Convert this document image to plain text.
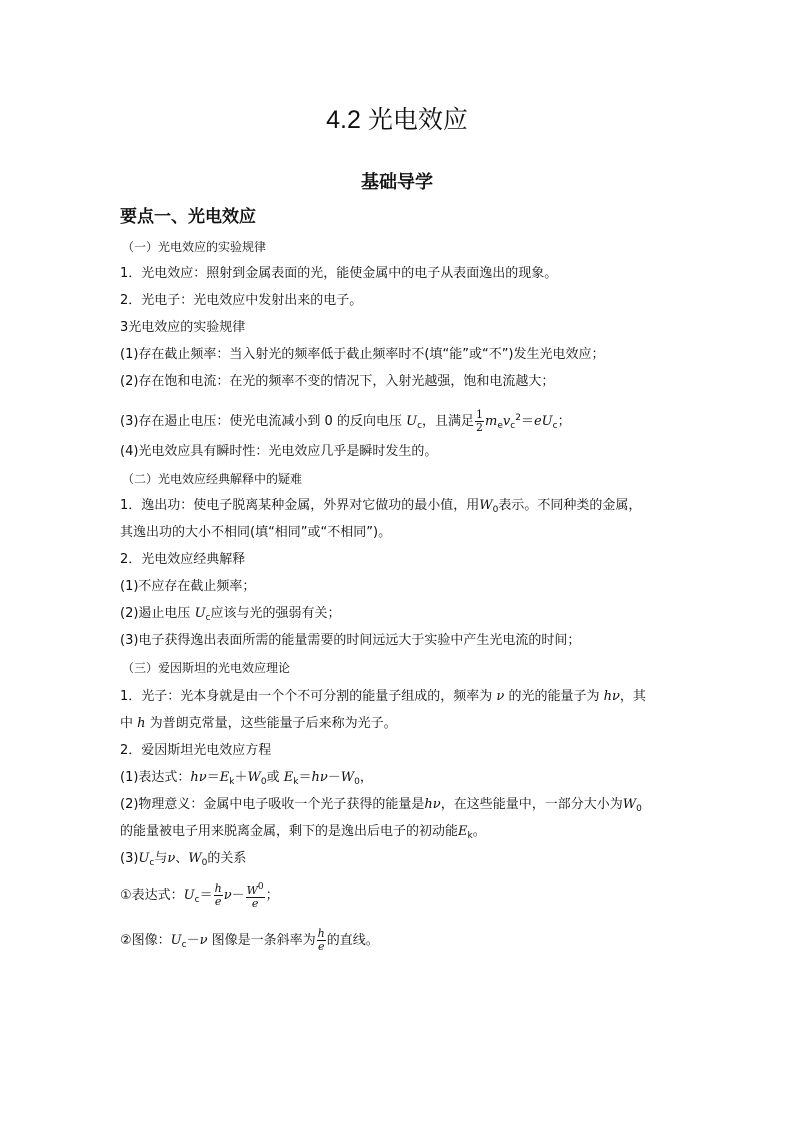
4.2 光电效应
基础导学
要点一、光电效应
（一）光电效应的实验规律
1．光电效应：照射到金属表面的光，能使金属中的电子从表面逸出的现象。
2．光电子：光电效应中发射出来的电子。
3光电效应的实验规律
(1)存在截止频率：当入射光的频率低于截止频率时不(填“能”或“不”)发生光电效应；
(2)存在饱和电流：在光的频率不变的情况下，入射光越强，饱和电流越大；
(3)存在遏止电压：使光电流减小到 0 的反向电压 $U_c$，且满足 $\frac{1}{2} m_ev_c^2=eU_c$；
(4)光电效应具有瞬时性：光电效应几乎是瞬时发生的。
（二）光电效应经典解释中的疑难
1．逸出功：使电子脱离某种金属，外界对它做功的最小值，用$W_0$表示。不同种类的金属，
其逸出功的大小不相同(填“相同”或“不相同”)。
2．光电效应经典解释
(1)不应存在截止频率；
(2)遏止电压 $U_c$应该与光的强弱有关；
(3)电子获得逸出表面所需的能量需要的时间远远大于实验中产生光电流的时间；
（三）爱因斯坦的光电效应理论
1．光子：光本身就是由一个个不可分割的能量子组成的，频率为 ν 的光的能量子为 hν，其
中 h 为普朗克常量，这些能量子后来称为光子。
2．爱因斯坦光电效应方程
(1)表达式：$h\nu=E_k+W_0$或 $E_k=h\nu-W_0$，
(2)物理意义：金属中电子吸收一个光子获得的能量是hν，在这些能量中，一部分大小为$W_0$
的能量被电子用来脱离金属，剩下的是逸出后电子的初动能$E_k$。
$(3)U_c$与ν、$W_0$的关系
①表达式：$U_c= \frac{h}{e} \nu- \frac{W^0}{e}$ ；
②图像：$U_c-\nu$ 图像是一条斜率为 $\frac{h}{e}$ 的直线。
